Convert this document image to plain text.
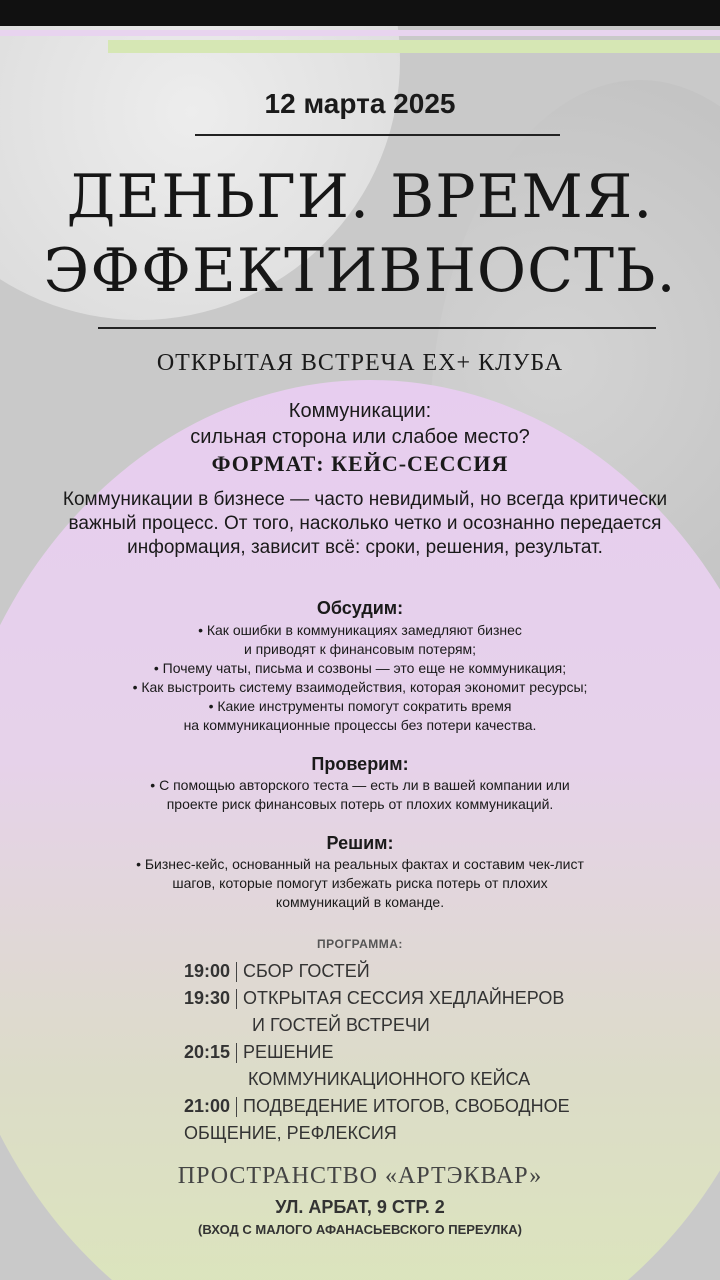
12 марта 2025
ДЕНЬГИ. ВРЕМЯ.
ЭФФЕКТИВНОСТЬ.
ОТКРЫТАЯ ВСТРЕЧА EX+ КЛУБА
Коммуникации:
сильная сторона или слабое место?
ФОРМАТ: КЕЙС-СЕССИЯ
Коммуникации в бизнесе — часто невидимый, но всегда критически важный процесс. От того, насколько четко и осознанно передается информация, зависит всё: сроки, решения, результат.
Обсудим:
• Как ошибки в коммуникациях замедляют бизнес
и приводят к финансовым потерям;
• Почему чаты, письма и созвоны — это еще не коммуникация;
• Как выстроить систему взаимодействия, которая экономит ресурсы;
• Какие инструменты помогут сократить время
на коммуникационные процессы без потери качества.
Проверим:
• С помощью авторского теста — есть ли в вашей компании или
проекте риск финансовых потерь от плохих коммуникаций.
Решим:
• Бизнес-кейс, основанный на реальных фактах и составим чек-лист
шагов, которые помогут избежать риска потерь от плохих
коммуникаций в команде.
ПРОГРАММА:
19:00 СБОР ГОСТЕЙ
19:30 ОТКРЫТАЯ СЕССИЯ ХЕДЛАЙНЕРОВ
И ГОСТЕЙ ВСТРЕЧИ
20:15 РЕШЕНИЕ
КОММУНИКАЦИОННОГО КЕЙСА
21:00 ПОДВЕДЕНИЕ ИТОГОВ, СВОБОДНОЕ
ОБЩЕНИЕ, РЕФЛЕКСИЯ
ПРОСТРАНСТВО «АРТЭКВАР»
УЛ. АРБАТ, 9 СТР. 2
(ВХОД С МАЛОГО АФАНАСЬЕВСКОГО ПЕРЕУЛКА)
